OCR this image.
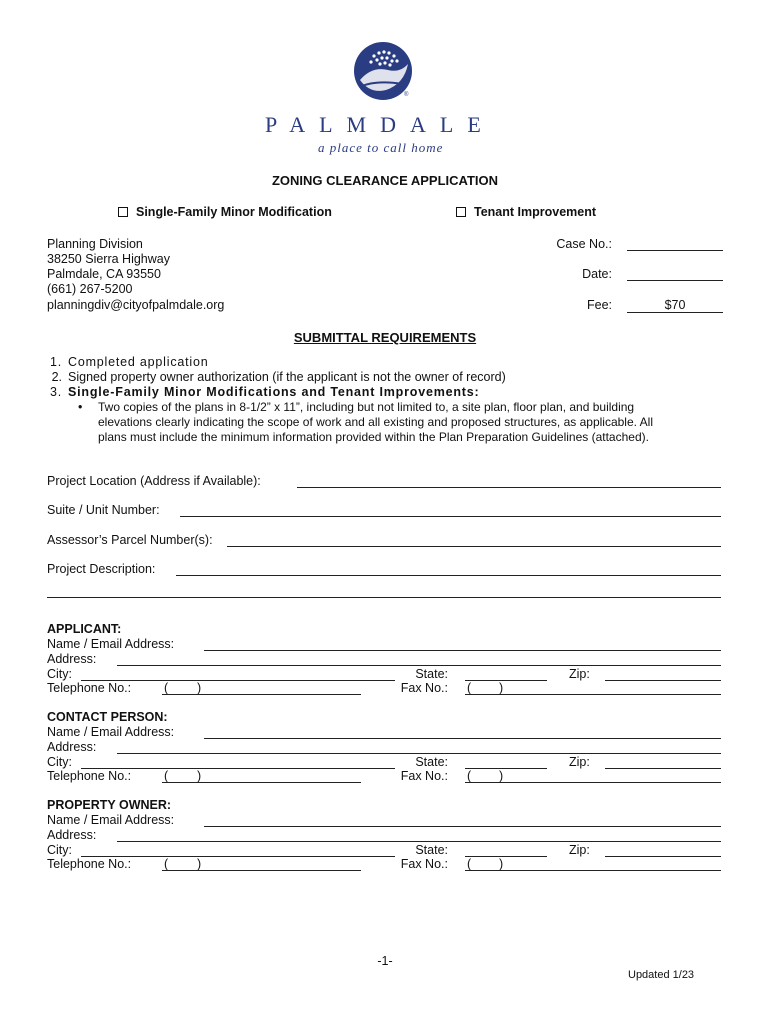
®
PALMDALE
a place to call home
ZONING CLEARANCE APPLICATION
Single-Family Minor Modification	Tenant Improvement
Planning Division
38250 Sierra Highway
Palmdale, CA 93550
(661) 267-5200
planningdiv@cityofpalmdale.org
Case No.:
Date:
Fee:	$70
SUBMITTAL REQUIREMENTS
1. Completed application
2. Signed property owner authorization (if the applicant is not the owner of record)
3. Single-Family Minor Modifications and Tenant Improvements:
• Two copies of the plans in 8-1/2” x 11”, including but not limited to, a site plan, floor plan, and building
elevations clearly indicating the scope of work and all existing and proposed structures, as applicable. All
plans must include the minimum information provided within the Plan Preparation Guidelines (attached).
Project Location (Address if Available):
Suite / Unit Number:
Assessor’s Parcel Number(s):
Project Description:
APPLICANT:
Name / Email Address:
Address:
City:	State:	Zip:
Telephone No.:	( )	Fax No.: ( )
CONTACT PERSON:
Name / Email Address:
Address:
City:	State:	Zip:
Telephone No.:	( )	Fax No.: ( )
PROPERTY OWNER:
Name / Email Address:
Address:
City:	State:	Zip:
Telephone No.:	( )	Fax No.: ( )
-1-
Updated 1/23
